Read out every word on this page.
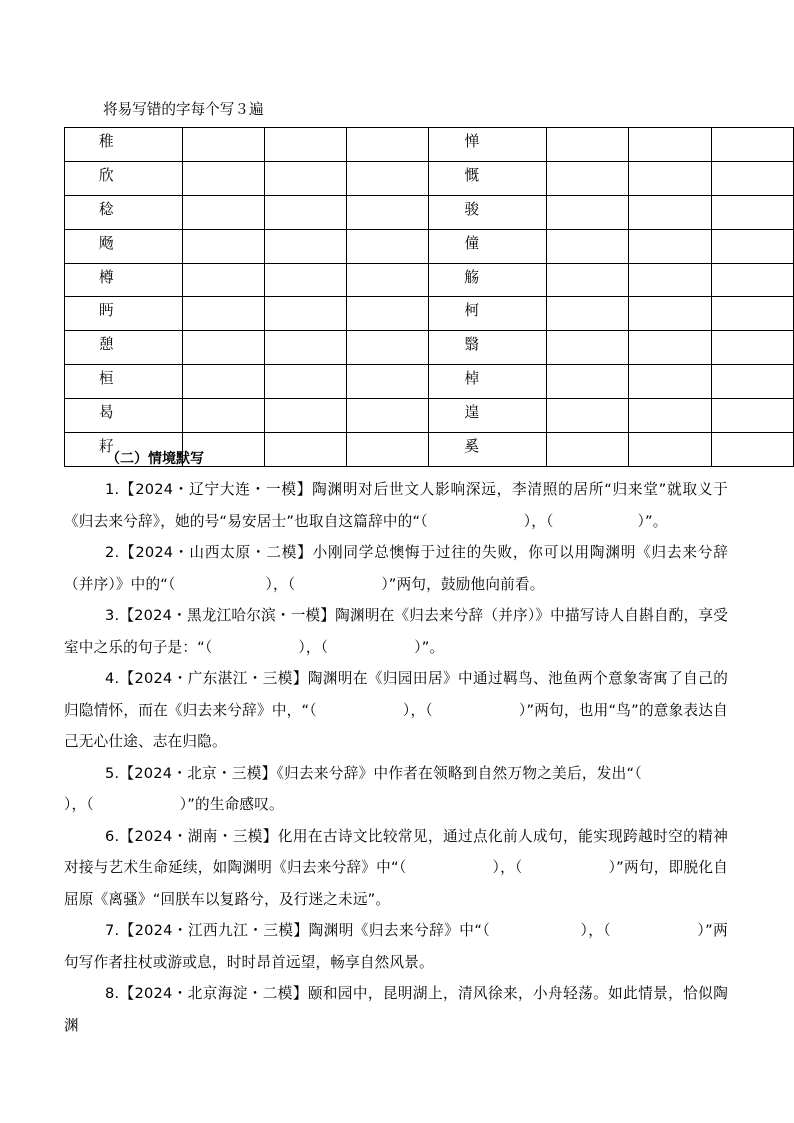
将易写错的字每个写３遍
稚				惮			
欣				慨			
稔				骏			
飏				僮			
樽				觞			
眄				柯			
憩				翳			
桓				棹			
曷				遑			
耔				奚			
（二）情境默写
1.【2024・辽宁大连・一模】陶渊明对后世文人影响深远，李清照的居所“归来堂”就取义于《归去来兮辞》，她的号“易安居士”也取自这篇辞中的“（	），（	）”。
2.【2024・山西太原・二模】小刚同学总懊悔于过往的失败，你可以用陶渊明《归去来兮辞（并序）》中的“（	），（	）”两句，鼓励他向前看。
3.【2024・黑龙江哈尔滨・一模】陶渊明在《归去来兮辞（并序）》中描写诗人自斟自酌，享受室中之乐的句子是：“（	），（	）”。
4.【2024・广东湛江・三模】陶渊明在《归园田居》中通过羁鸟、池鱼两个意象寄寓了自己的归隐情怀，而在《归去来兮辞》中，“（	），（	）”两句，也用“鸟”的意象表达自己无心仕途、志在归隐。
5.【2024・北京・三模】《归去来兮辞》中作者在领略到自然万物之美后，发出“（），（	）”的生命感叹。
6.【2024・湖南・三模】化用在古诗文比较常见，通过点化前人成句，能实现跨越时空的精神对接与艺术生命延续，如陶渊明《归去来兮辞》中“（	），（	）”两句，即脱化自屈原《离骚》“回朕车以复路兮，及行迷之未远”。
7.【2024・江西九江・三模】陶渊明《归去来兮辞》中“（	），（	）”两句写作者拄杖或游或息，时时昂首远望，畅享自然风景。
8.【2024・北京海淀・二模】颐和园中，昆明湖上，清风徐来，小舟轻荡。如此情景，恰似陶渊
